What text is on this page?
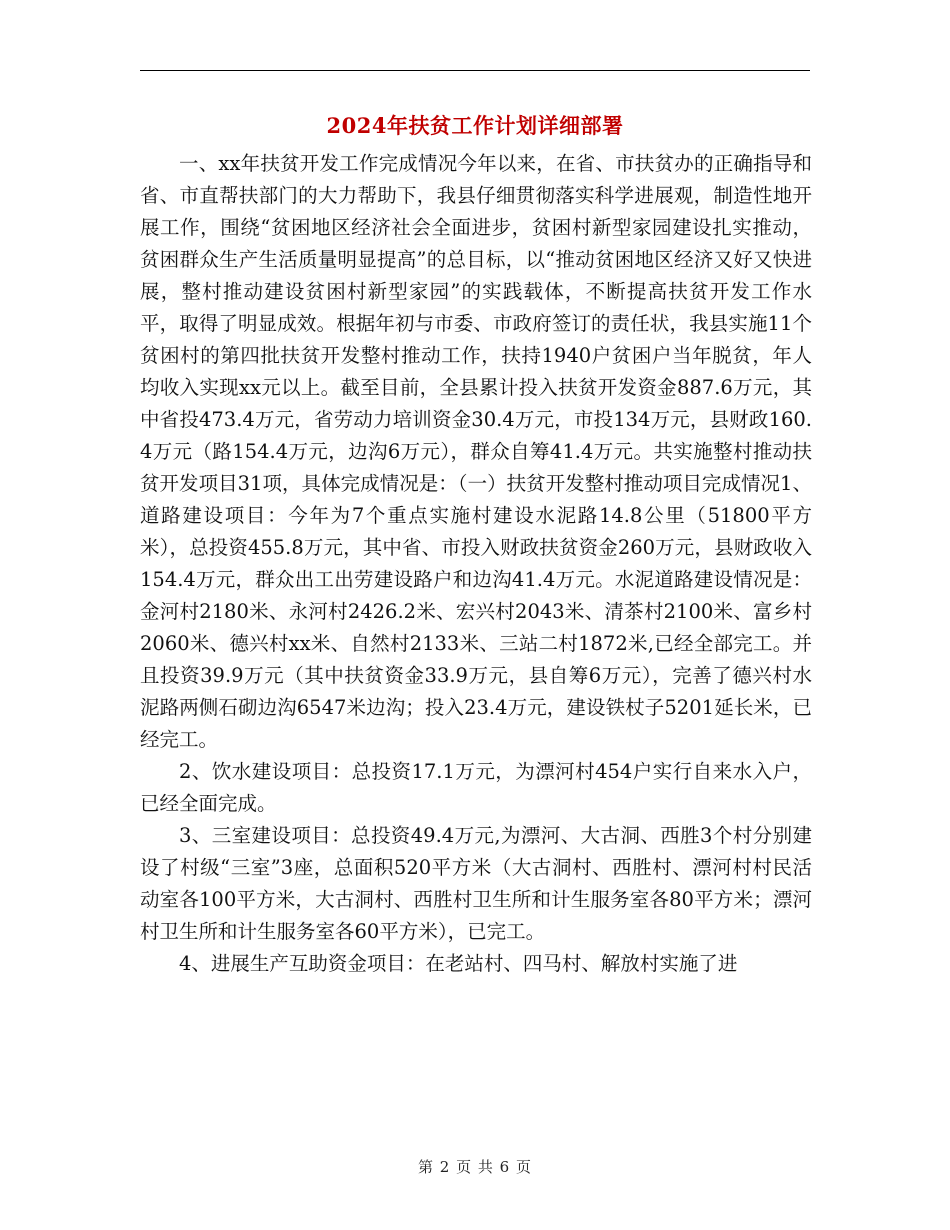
2024年扶贫工作计划详细部署

一、xx年扶贫开发工作完成情况今年以来，在省、市扶贫办的正确指导和省、市直帮扶部门的大力帮助下，我县仔细贯彻落实科学进展观，制造性地开展工作，围绕“贫困地区经济社会全面进步，贫困村新型家园建设扎实推动，贫困群众生产生活质量明显提高”的总目标，以“推动贫困地区经济又好又快进展，整村推动建设贫困村新型家园”的实践载体，不断提高扶贫开发工作水平，取得了明显成效。根据年初与市委、市政府签订的责任状，我县实施11个贫困村的第四批扶贫开发整村推动工作，扶持1940户贫困户当年脱贫，年人均收入实现xx元以上。截至目前，全县累计投入扶贫开发资金887.6万元，其中省投473.4万元，省劳动力培训资金30.4万元，市投134万元，县财政160.4万元（路154.4万元，边沟6万元），群众自筹41.4万元。共实施整村推动扶贫开发项目31项，具体完成情况是：（一）扶贫开发整村推动项目完成情况1、道路建设项目：今年为7个重点实施村建设水泥路14.8公里（51800平方米），总投资455.8万元，其中省、市投入财政扶贫资金260万元，县财政收入154.4万元，群众出工出劳建设路户和边沟41.4万元。水泥道路建设情况是：金河村2180米、永河村2426.2米、宏兴村2043米、清茶村2100米、富乡村2060米、德兴村xx米、自然村2133米、三站二村1872米,已经全部完工。并且投资39.9万元（其中扶贫资金33.9万元，县自筹6万元），完善了德兴村水泥路两侧石砌边沟6547米边沟；投入23.4万元，建设铁杖子5201延长米，已经完工。

2、饮水建设项目：总投资17.1万元，为漂河村454户实行自来水入户，已经全面完成。

3、三室建设项目：总投资49.4万元,为漂河、大古洞、西胜3个村分别建设了村级“三室”3座，总面积520平方米（大古洞村、西胜村、漂河村村民活动室各100平方米，大古洞村、西胜村卫生所和计生服务室各80平方米；漂河村卫生所和计生服务室各60平方米），已完工。

4、进展生产互助资金项目：在老站村、四马村、解放村实施了进

第 2 页 共 6 页
